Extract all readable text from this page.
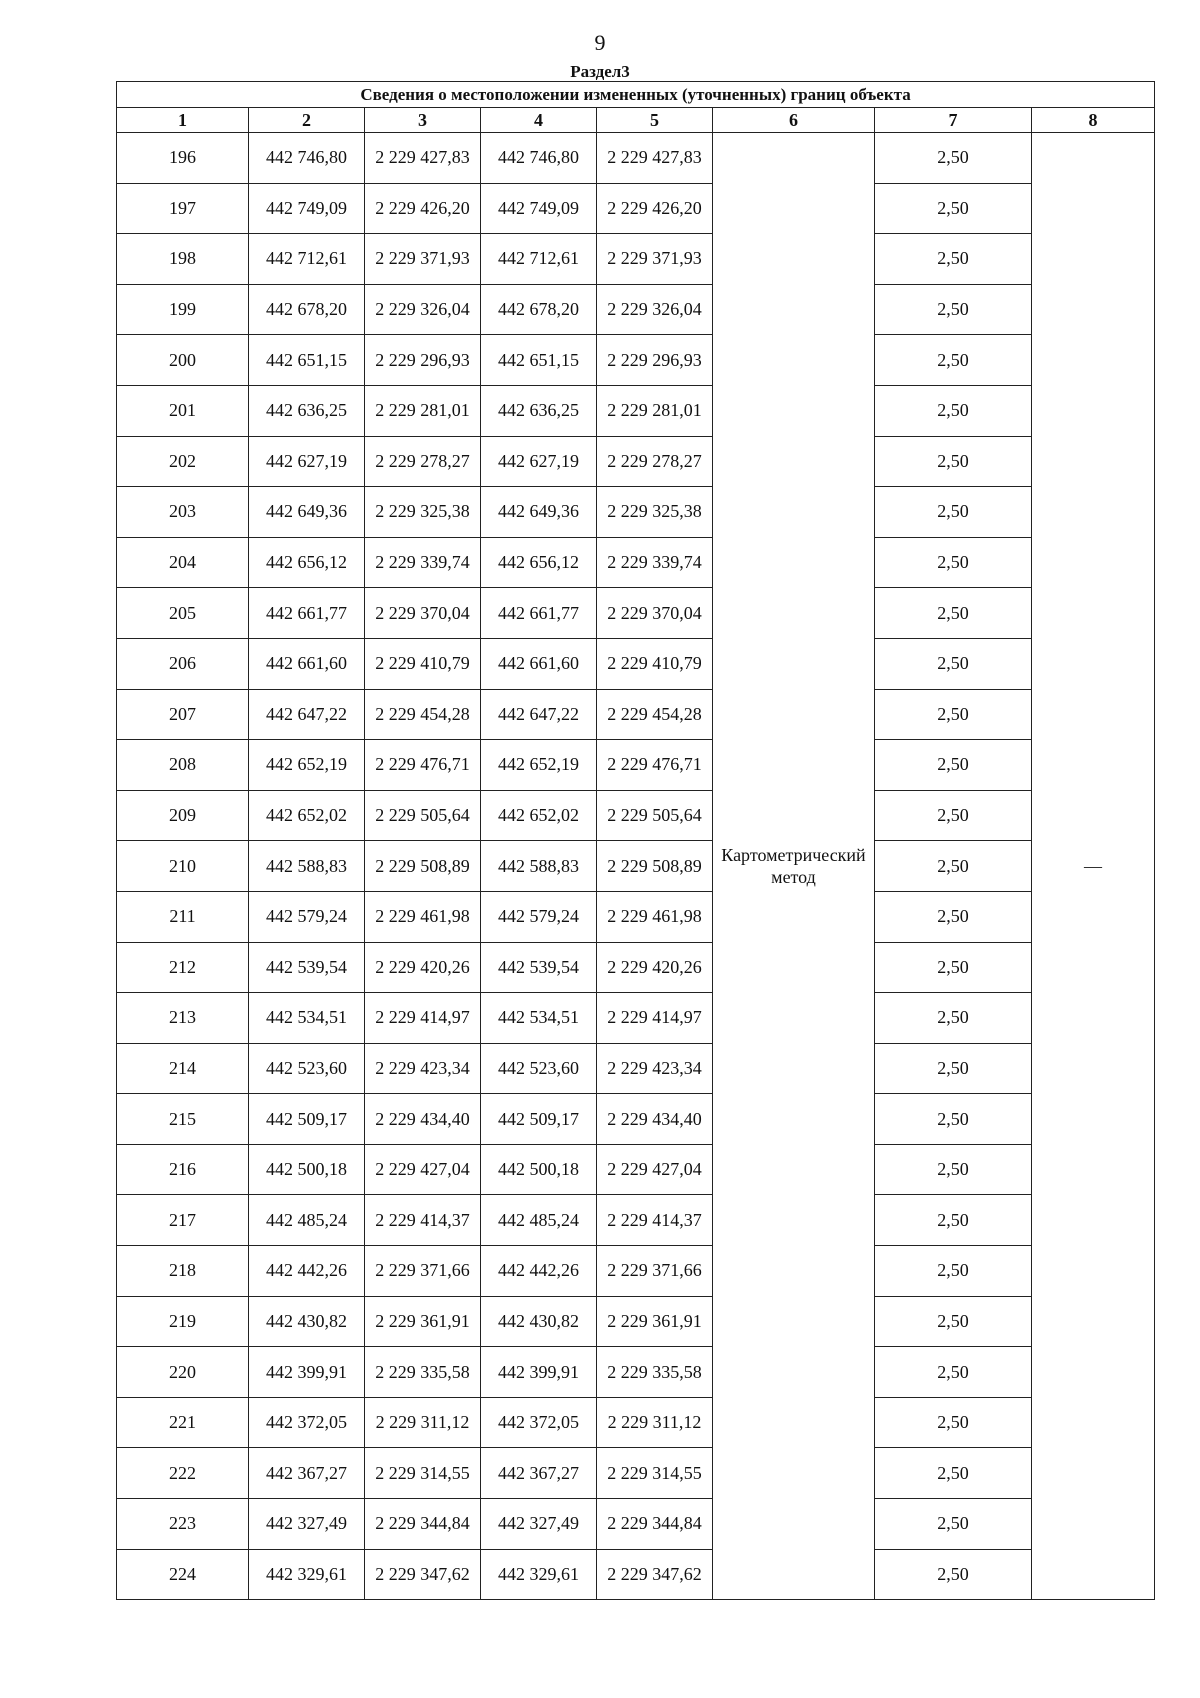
9
Раздел3
Сведения о местоположении измененных (уточненных) границ объекта							
1	2	3	4	5	6	7	8
196	442 746,80	2 229 427,83	442 746,80	2 229 427,83	Картометрический метод	2,50	—
197	442 749,09	2 229 426,20	442 749,09	2 229 426,20		2,50	
198	442 712,61	2 229 371,93	442 712,61	2 229 371,93		2,50	
199	442 678,20	2 229 326,04	442 678,20	2 229 326,04		2,50	
200	442 651,15	2 229 296,93	442 651,15	2 229 296,93		2,50	
201	442 636,25	2 229 281,01	442 636,25	2 229 281,01		2,50	
202	442 627,19	2 229 278,27	442 627,19	2 229 278,27		2,50	
203	442 649,36	2 229 325,38	442 649,36	2 229 325,38		2,50	
204	442 656,12	2 229 339,74	442 656,12	2 229 339,74		2,50	
205	442 661,77	2 229 370,04	442 661,77	2 229 370,04		2,50	
206	442 661,60	2 229 410,79	442 661,60	2 229 410,79		2,50	
207	442 647,22	2 229 454,28	442 647,22	2 229 454,28		2,50	
208	442 652,19	2 229 476,71	442 652,19	2 229 476,71		2,50	
209	442 652,02	2 229 505,64	442 652,02	2 229 505,64		2,50	
210	442 588,83	2 229 508,89	442 588,83	2 229 508,89		2,50	
211	442 579,24	2 229 461,98	442 579,24	2 229 461,98		2,50	
212	442 539,54	2 229 420,26	442 539,54	2 229 420,26		2,50	
213	442 534,51	2 229 414,97	442 534,51	2 229 414,97		2,50	
214	442 523,60	2 229 423,34	442 523,60	2 229 423,34		2,50	
215	442 509,17	2 229 434,40	442 509,17	2 229 434,40		2,50	
216	442 500,18	2 229 427,04	442 500,18	2 229 427,04		2,50	
217	442 485,24	2 229 414,37	442 485,24	2 229 414,37		2,50	
218	442 442,26	2 229 371,66	442 442,26	2 229 371,66		2,50	
219	442 430,82	2 229 361,91	442 430,82	2 229 361,91		2,50	
220	442 399,91	2 229 335,58	442 399,91	2 229 335,58		2,50	
221	442 372,05	2 229 311,12	442 372,05	2 229 311,12		2,50	
222	442 367,27	2 229 314,55	442 367,27	2 229 314,55		2,50	
223	442 327,49	2 229 344,84	442 327,49	2 229 344,84		2,50	
224	442 329,61	2 229 347,62	442 329,61	2 229 347,62		2,50	
